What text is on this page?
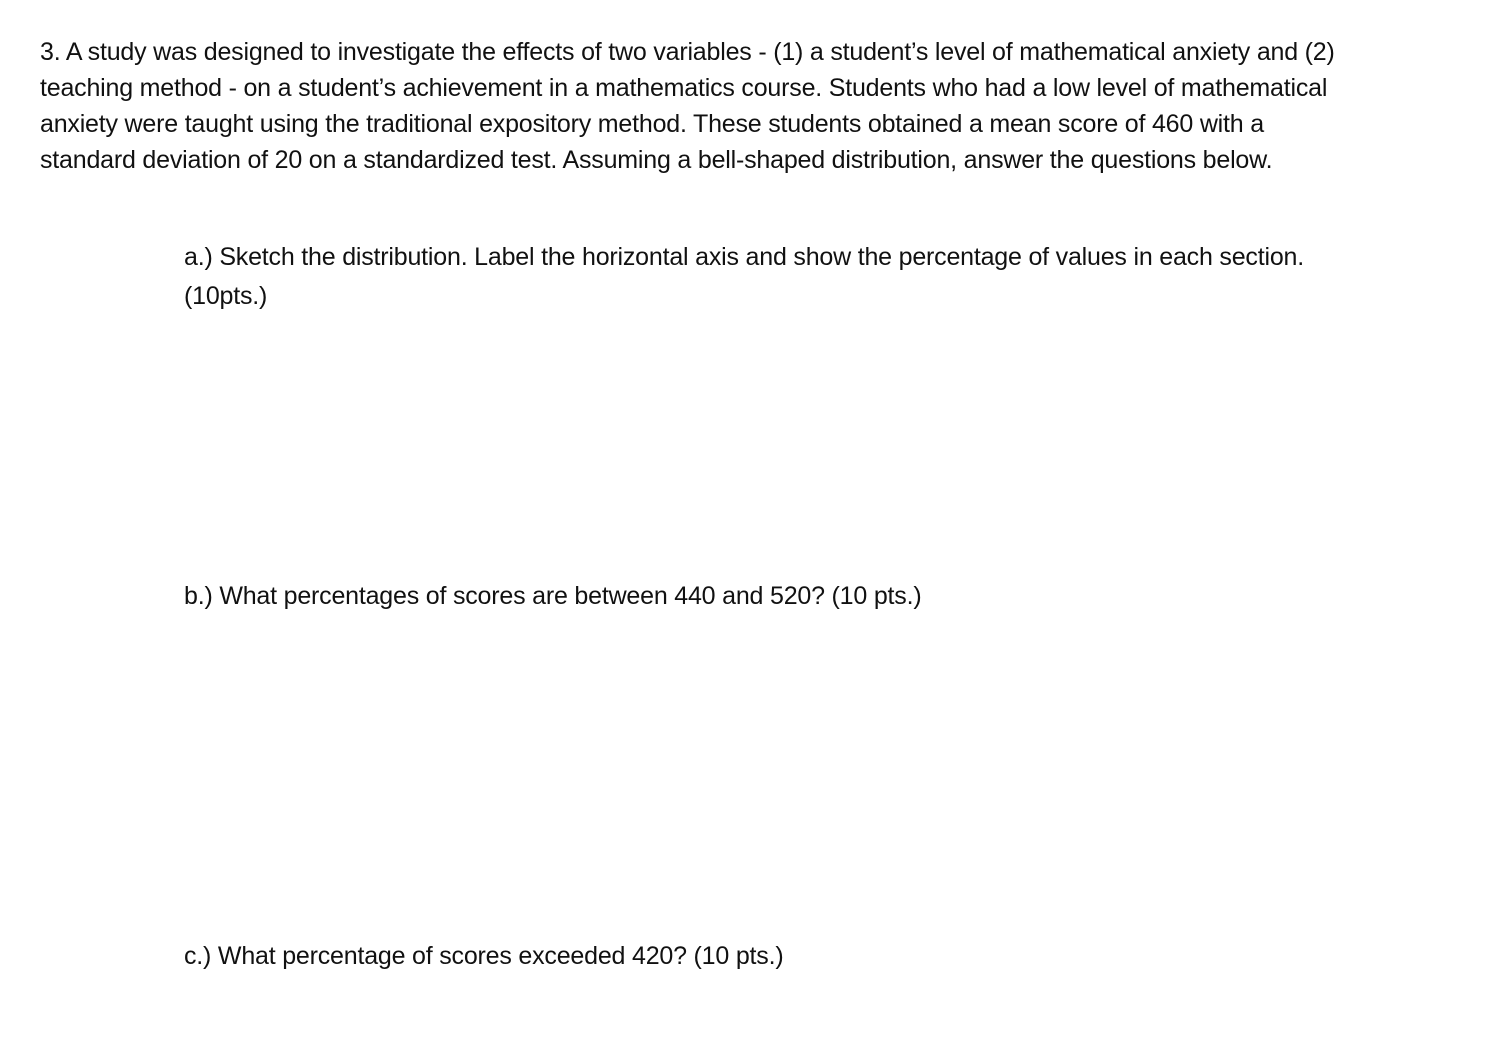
3. A study was designed to investigate the effects of two variables - (1) a student’s level of mathematical anxiety and (2)
teaching method - on a student’s achievement in a mathematics course. Students who had a low level of mathematical
anxiety were taught using the traditional expository method. These students obtained a mean score of 460 with a
standard deviation of 20 on a standardized test. Assuming a bell-shaped distribution, answer the questions below.
a.) Sketch the distribution. Label the horizontal axis and show the percentage of values in each section.
(10pts.)
b.) What percentages of scores are between 440 and 520? (10 pts.)
c.) What percentage of scores exceeded 420? (10 pts.)
